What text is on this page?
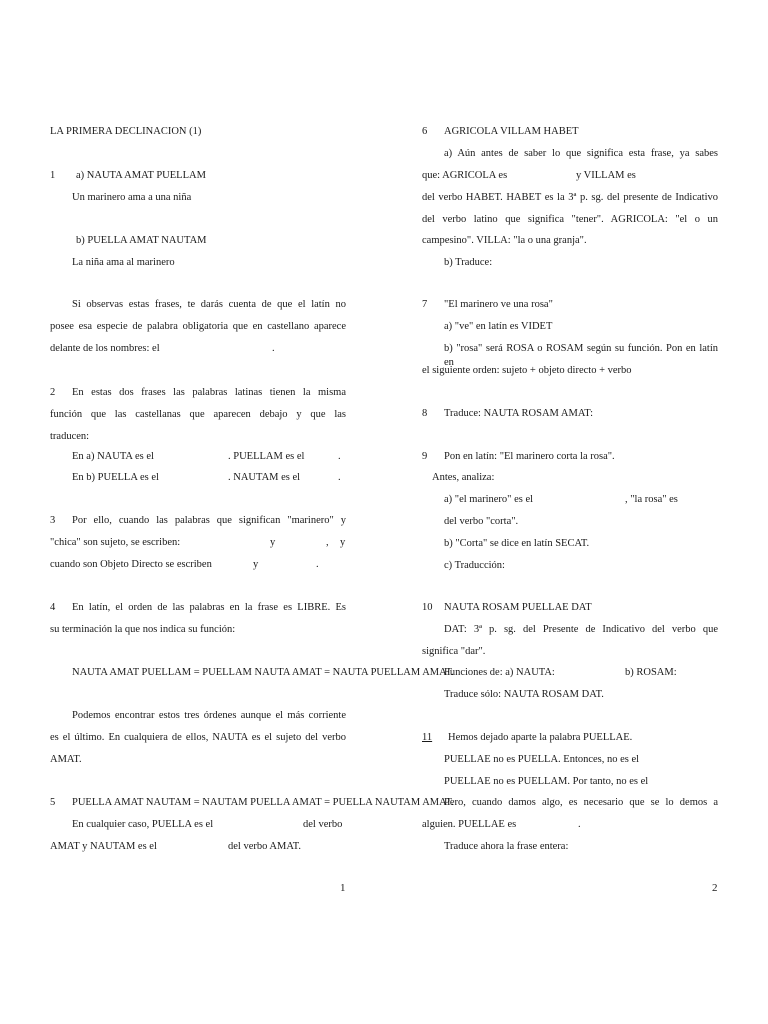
LA PRIMERA DECLINACION (1)
1 a) NAUTA AMAT PUELLAM
Un marinero ama a una niña
b) PUELLA AMAT NAUTAM
La niña ama al marinero
Si observas estas frases, te darás cuenta de que el latín no
posee esa especie de palabra obligatoria que en castellano aparece
delante de los nombres: el	.
2	En estas dos frases las palabras latinas tienen la misma
función que las castellanas que aparecen debajo y que las
traducen:
En a) NAUTA es el	. PUELLAM es el	.
En b) PUELLA es el	. NAUTAM es el	.
3	Por ello, cuando las palabras que significan "marinero" y
"chica" son sujeto, se escriben:	y	, y
cuando son Objeto Directo se escriben	y	.
4	En latín, el orden de las palabras en la frase es LIBRE. Es
su terminación la que nos indica su función:
NAUTA AMAT PUELLAM = PUELLAM NAUTA AMAT = NAUTA PUELLAM AMAT.
Podemos encontrar estos tres órdenes aunque el más corriente
es el último. En cualquiera de ellos, NAUTA es el sujeto del verbo
AMAT.
5 PUELLA AMAT NAUTAM = NAUTAM PUELLA AMAT = PUELLA NAUTAM AMAT.
En cualquier caso, PUELLA es el	del verbo
AMAT y NAUTAM es el	del verbo AMAT.
1
6 AGRICOLA VILLAM HABET
a) Aún antes de saber lo que significa esta frase, ya sabes
que: AGRICOLA es	y VILLAM es
del verbo HABET. HABET es la 3ª p. sg. del presente de Indicativo
del verbo latino que significa "tener". AGRICOLA: "el o un
campesino". VILLA: "la o una granja".
b) Traduce:
7 "El marinero ve una rosa"
a) "ve" en latín es VIDET
b) "rosa" será ROSA o ROSAM según su función. Pon en latín en
el siguiente orden: sujeto + objeto directo + verbo
8 Traduce: NAUTA ROSAM AMAT:
9 Pon en latín: "El marinero corta la rosa".
Antes, analiza:
a) "el marinero" es el	, "la rosa" es
del verbo "corta".
b) "Corta" se dice en latín SECAT.
c) Traducción:
10 NAUTA ROSAM PUELLAE DAT
DAT: 3ª p. sg. del Presente de Indicativo del verbo que
significa "dar".
Funciones de: a) NAUTA:	b) ROSAM:
Traduce sólo: NAUTA ROSAM DAT.
11 Hemos dejado aparte la palabra PUELLAE.
PUELLAE no es PUELLA. Entonces, no es el
PUELLAE no es PUELLAM. Por tanto, no es el
Pero, cuando damos algo, es necesario que se lo demos a
alguien. PUELLAE es	.
Traduce ahora la frase entera:
2
